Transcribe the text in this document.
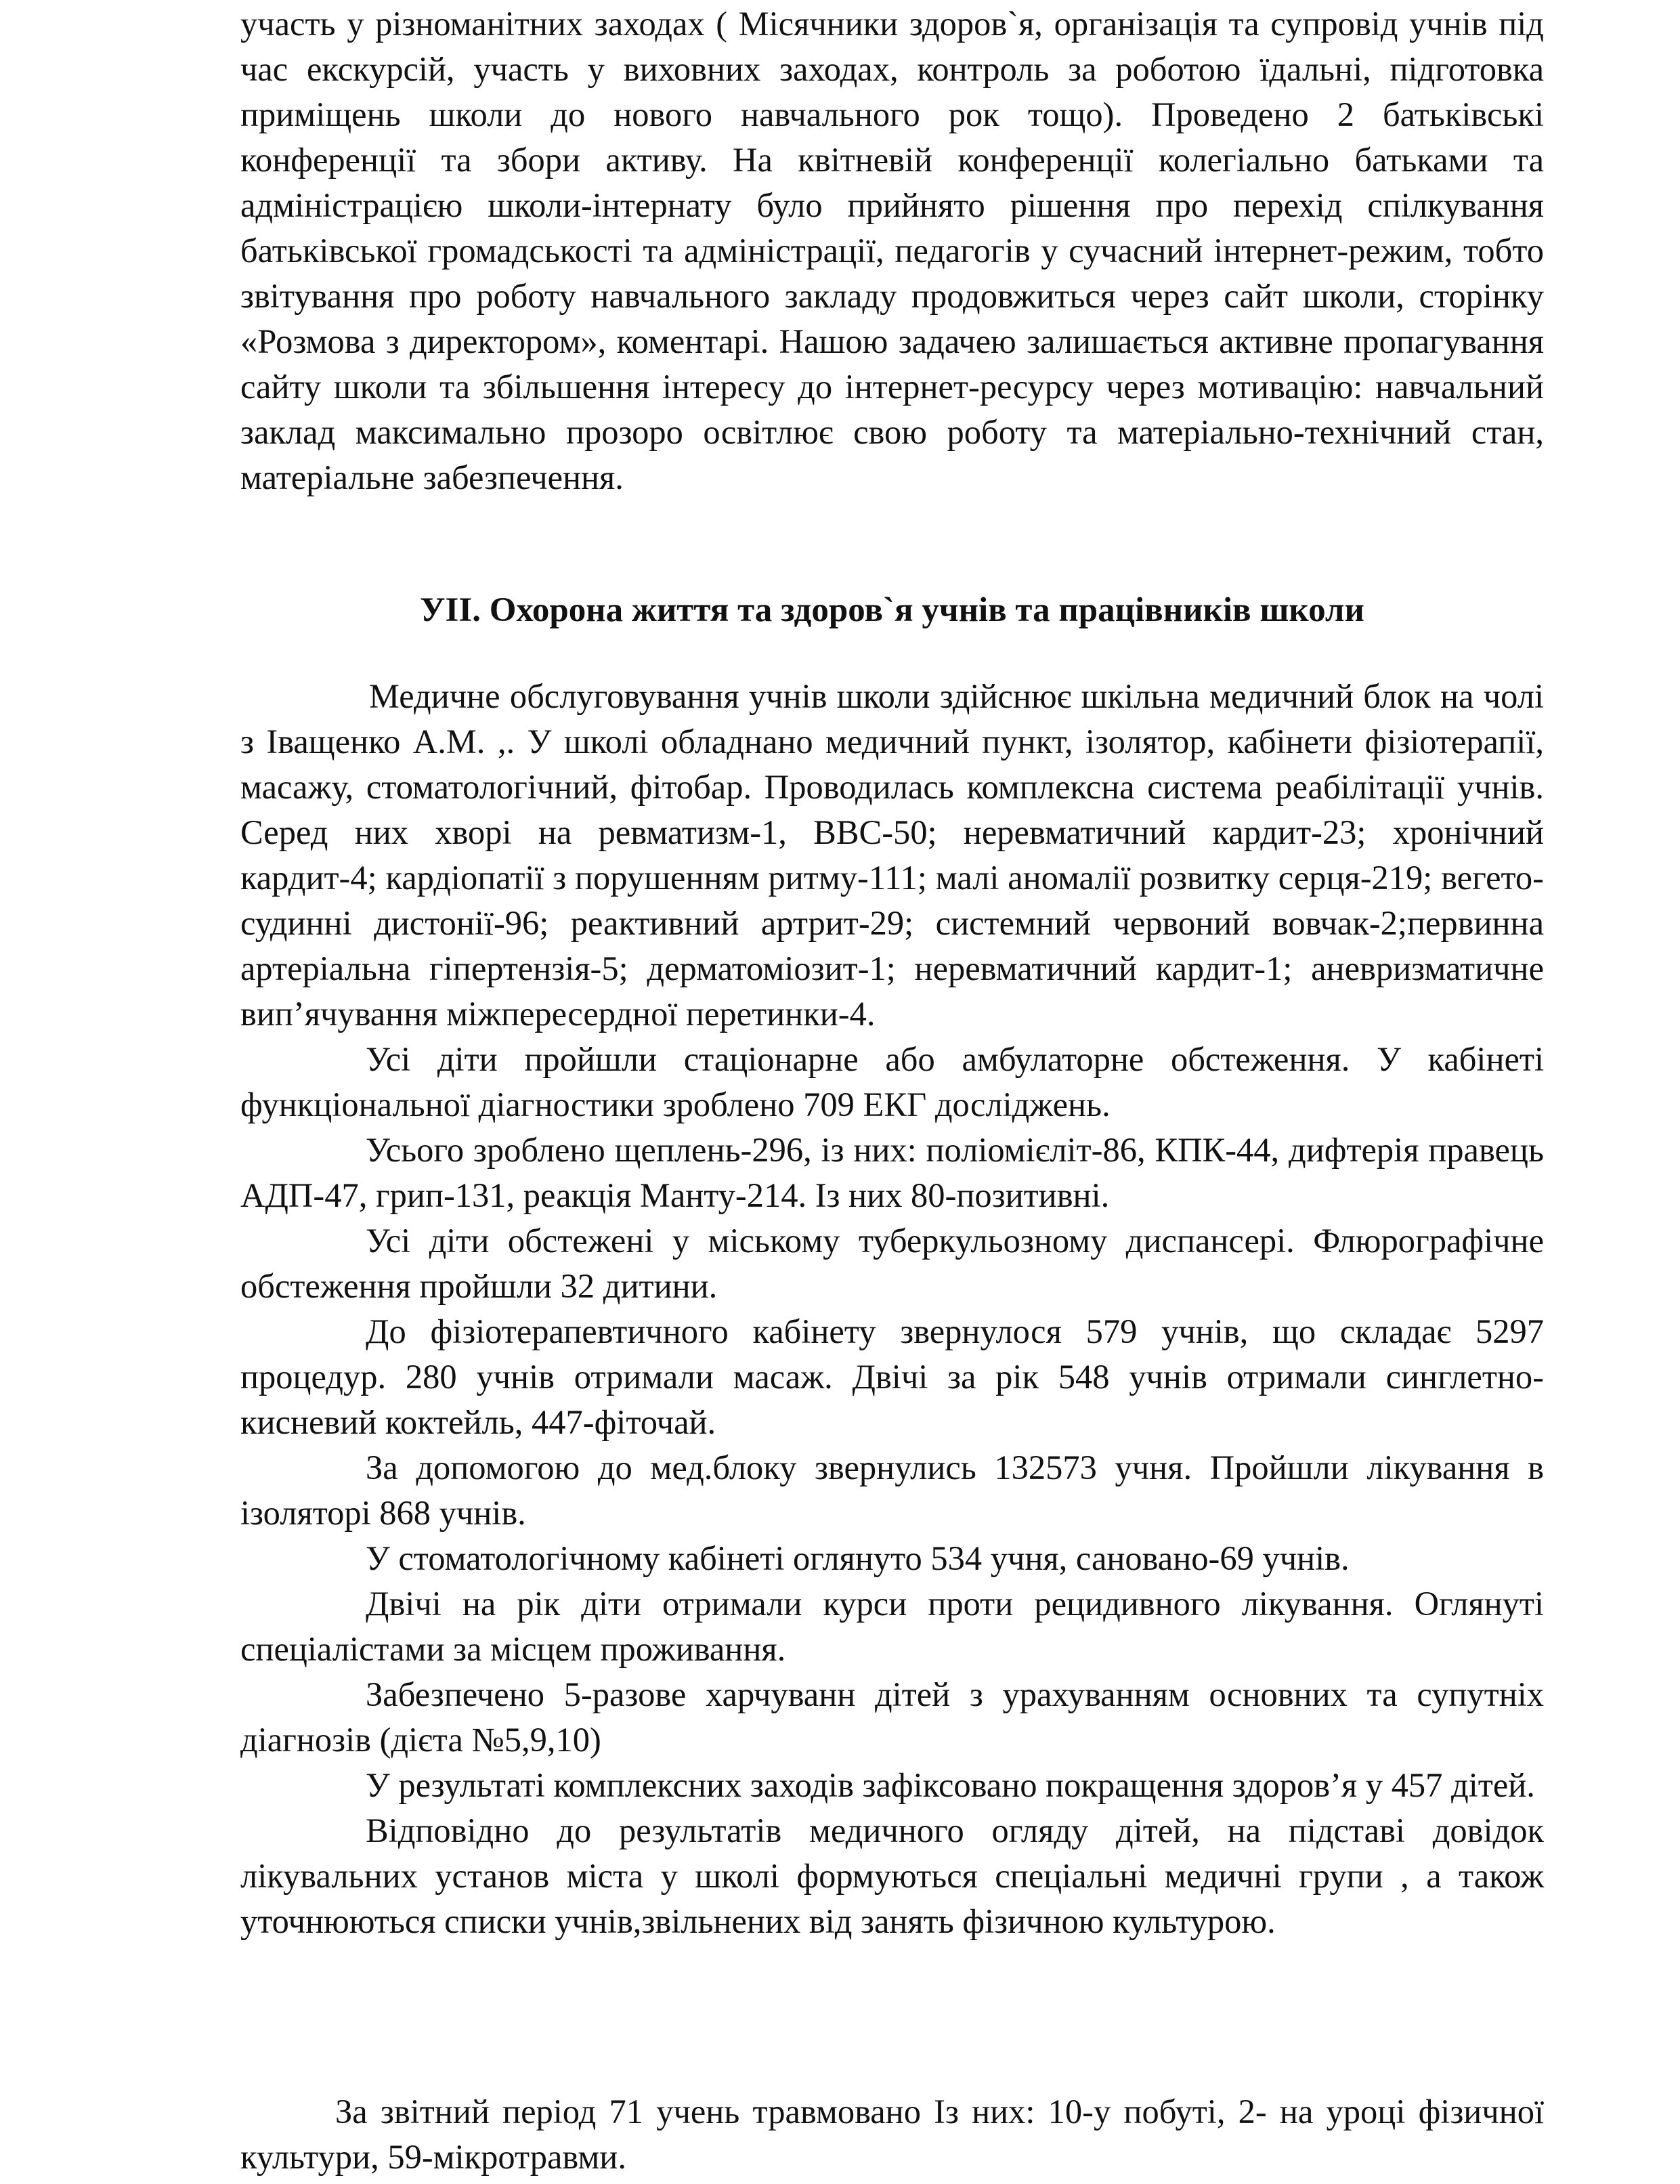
участь у різноманітних заходах ( Місячники здоров`я, організація та супровід учнів під час екскурсій, участь у виховних заходах, контроль за роботою їдальні, підготовка приміщень школи до нового навчального рок тощо). Проведено 2 батьківські конференції та збори активу. На квітневій конференції колегіально батьками та адміністрацією школи-інтернату було прийнято рішення про перехід спілкування батьківської громадськості та адміністрації, педагогів у сучасний інтернет-режим, тобто звітування про роботу навчального закладу продовжиться через сайт школи, сторінку «Розмова з директором», коментарі. Нашою задачею залишається активне пропагування сайту школи та збільшення інтересу до інтернет-ресурсу через мотивацію: навчальний заклад максимально прозоро освітлює свою роботу та матеріально-технічний стан, матеріальне забезпечення.

УІІ. Охорона життя та здоров`я учнів та працівників школи

Медичне обслуговування учнів школи здійснює шкільна медичний блок на чолі з Іващенко А.М. ,. У школі обладнано медичний пункт, ізолятор, кабінети фізіотерапії, масажу, стоматологічний, фітобар. Проводилась комплексна система реабілітації учнів. Серед них хворі на ревматизм-1, ВВС-50; неревматичний кардит-23; хронічний кардит-4; кардіопатії з порушенням ритму-111; малі аномалії розвитку серця-219; вегето-судинні дистонії-96; реактивний артрит-29; системний червоний вовчак-2;первинна артеріальна гіпертензія-5; дерматоміозит-1; неревматичний кардит-1; аневризматичне вип’ячування міжпересердної перетинки-4.

Усі діти пройшли стаціонарне або амбулаторне обстеження. У кабінеті функціональної діагностики зроблено 709 ЕКГ досліджень.

Усього зроблено щеплень-296, із них: поліомієліт-86, КПК-44, дифтерія правець АДП-47, грип-131, реакція Манту-214. Із них 80-позитивні.

Усі діти обстежені у міському туберкульозному диспансері. Флюрографічне обстеження пройшли 32 дитини.

До фізіотерапевтичного кабінету звернулося 579 учнів, що складає 5297 процедур. 280 учнів отримали масаж. Двічі за рік 548 учнів отримали синглетно-кисневий коктейль, 447-фіточай.

За допомогою до мед.блоку звернулись 132573 учня. Пройшли лікування в ізоляторі 868 учнів.

У стоматологічному кабінеті оглянуто 534 учня, сановано-69 учнів.

Двічі на рік діти отримали курси проти рецидивного лікування. Оглянуті спеціалістами за місцем проживання.

Забезпечено 5-разове харчуванн дітей з урахуванням основних та супутніх діагнозів (дієта №5,9,10)

У результаті комплексних заходів зафіксовано покращення здоров’я у 457 дітей.

Відповідно до результатів медичного огляду дітей, на підставі довідок лікувальних установ міста у школі формуються спеціальні медичні групи , а також уточнюються списки учнів,звільнених від занять фізичною культурою.

За звітний період 71 учень травмовано Із них: 10-у побуті, 2- на уроці фізичної культури, 59-мікротравми.
